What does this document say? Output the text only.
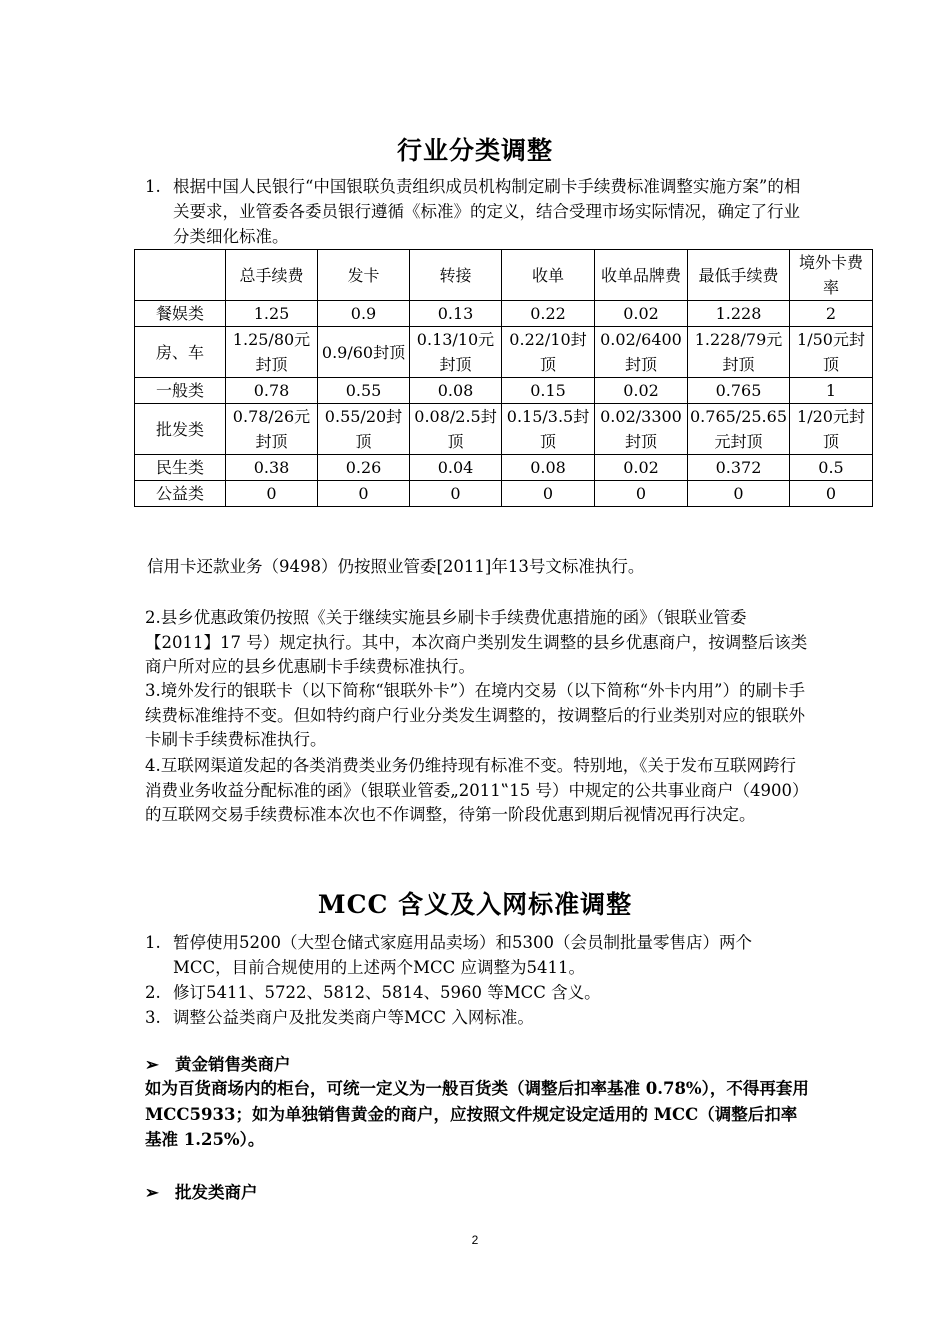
行业分类调整
1. 根据中国人民银行“中国银联负责组织成员机构制定刷卡手续费标准调整实施方案”的相关要求，业管委各委员银行遵循《标准》的定义，结合受理市场实际情况，确定了行业分类细化标准。
	总手续费	发卡	转接	收单	收单品牌费	最低手续费	境外卡费率
餐娱类	1.25	0.9	0.13	0.22	0.02	1.228	2
房、车	1.25/80元封顶	0.9/60封顶	0.13/10元封顶	0.22/10封顶	0.02/6400封顶	1.228/79元封顶	1/50元封顶
一般类	0.78	0.55	0.08	0.15	0.02	0.765	1
批发类	0.78/26元封顶	0.55/20封顶	0.08/2.5封顶	0.15/3.5封顶	0.02/3300封顶	0.765/25.65元封顶	1/20元封顶
民生类	0.38	0.26	0.04	0.08	0.02	0.372	0.5
公益类	0	0	0	0	0	0	0
信用卡还款业务（9498）仍按照业管委[2011]年13号文标准执行。
2.县乡优惠政策仍按照《关于继续实施县乡刷卡手续费优惠措施的函》（银联业管委【2011】17 号）规定执行。其中，本次商户类别发生调整的县乡优惠商户，按调整后该类商户所对应的县乡优惠刷卡手续费标准执行。
3.境外发行的银联卡（以下简称“银联外卡”）在境内交易（以下简称“外卡内用”）的刷卡手续费标准维持不变。但如特约商户行业分类发生调整的，按调整后的行业类别对应的银联外卡刷卡手续费标准执行。
4.互联网渠道发起的各类消费类业务仍维持现有标准不变。特别地，《关于发布互联网跨行消费业务收益分配标准的函》（银联业管委„2011‟15 号）中规定的公共事业商户（4900）的互联网交易手续费标准本次也不作调整，待第一阶段优惠到期后视情况再行决定。
MCC 含义及入网标准调整
1. 暂停使用5200（大型仓储式家庭用品卖场）和5300（会员制批量零售店）两个MCC，目前合规使用的上述两个MCC 应调整为5411。
2. 修订5411、5722、5812、5814、5960 等MCC 含义。
3. 调整公益类商户及批发类商户等MCC 入网标准。
➢ 黄金销售类商户
如为百货商场内的柜台，可统一定义为一般百货类（调整后扣率基准 0.78%），不得再套用 MCC5933；如为单独销售黄金的商户，应按照文件规定设定适用的 MCC（调整后扣率基准 1.25%）。
➢ 批发类商户
2
